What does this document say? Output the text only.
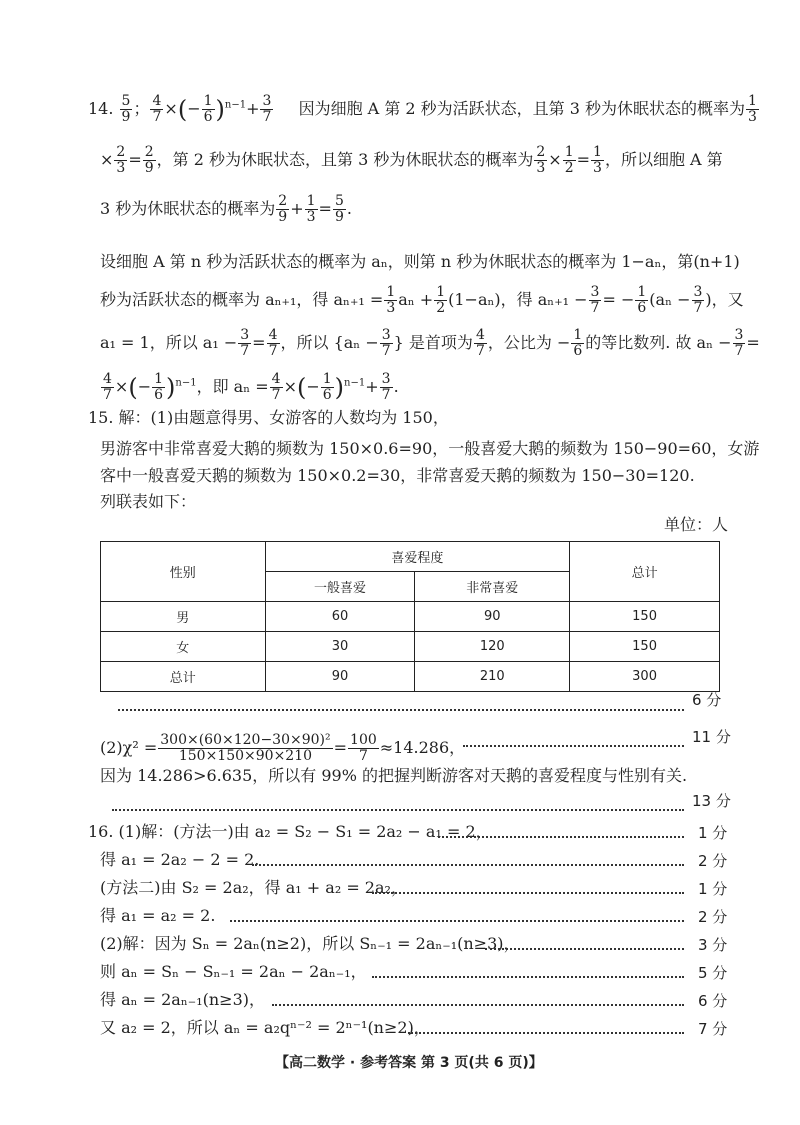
14. $\frac{5}{9}$ ； $\frac{4}{7}$ ×(− $\frac{1}{6} )^{n-1}+ \frac{3}{7}$ 因为细胞 A 第 2 秒为活跃状态，且第 3 秒为休眠状态的概率为 $\frac{1}{3}$
× $\frac{2}{3} = \frac{2}{9}$ ，第 2 秒为休眠状态，且第 3 秒为休眠状态的概率为 $\frac{2}{3} \times \frac{1}{2} = \frac{1}{3}$ ，所以细胞 A 第
3 秒为休眠状态的概率为 $\frac{2}{9} + \frac{1}{3} = \frac{5}{9}$ .
设细胞 A 第 n 秒为活跃状态的概率为 aₙ，则第 n 秒为休眠状态的概率为 1−aₙ，第(n+1)
秒为活跃状态的概率为 aₙ₊₁，得 $a_{n+1} = \frac{1}{3}$ $a_n + \frac{1}{2} (1-a_n)$，得 $a_{n+1} - \frac{3}{7}$ = − $\frac{1}{6} (a_n - \frac{3}{7}$ )，又
a₁ = 1，所以 $a_1 - \frac{3}{7} = \frac{4}{7}$ ，所以 {$a_n - \frac{3}{7}$ } 是首项为 $\frac{4}{7}$ ，公比为 − $\frac{1}{6}$ 的等比数列. 故 $a_n - \frac{3}{7}$ =
$\frac{4}{7}$ ×(− $\frac{1}{6} )^{n-1}$，即 $a_n = \frac{4}{7}$ ×(− $\frac{1}{6} )^{n-1}+ \frac{3}{7}$ .
15. 解：(1)由题意得男、女游客的人数均为 150，
男游客中非常喜爱大鹅的频数为 150×0.6=90，一般喜爱大鹅的频数为 150−90=60，女游
客中一般喜爱天鹅的频数为 150×0.2=30，非常喜爱天鹅的频数为 150−30=120.
列联表如下：
单位：人
性别	喜爱程度		总计
	一般喜爱	非常喜爱	
男	60	90	150
女	30	120	150
总计	90	210	300
6 分
$(2)\chi^2 = \frac{\text{300×(60×120−30×90)²}}{150\times 150\times 90\times 210} = \frac{100}{7} \approx 14.286$，
11 分
因为 14.286>6.635，所以有 99% 的把握判断游客对天鹅的喜爱程度与性别有关.
13 分
16. (1)解：(方法一)由 a₂ = S₂ − S₁ = 2a₂ − a₁ = 2，	1 分
得 a₁ = 2a₂ − 2 = 2.	2 分
(方法二)由 S₂ = 2a₂，得 a₁ + a₂ = 2a₂，	1 分
得 a₁ = a₂ = 2.	2 分
(2)解：因为 Sₙ = 2aₙ(n≥2)，所以 Sₙ₋₁ = 2aₙ₋₁(n≥3)，	3 分
则 aₙ = Sₙ − Sₙ₋₁ = 2aₙ − 2aₙ₋₁，	5 分
得 aₙ = 2aₙ₋₁(n≥3)，	6 分
又 a₂ = 2，所以 aₙ = a₂qⁿ⁻² = 2ⁿ⁻¹(n≥2)，	7 分
【高二数学 · 参考答案 第 3 页(共 6 页)】
